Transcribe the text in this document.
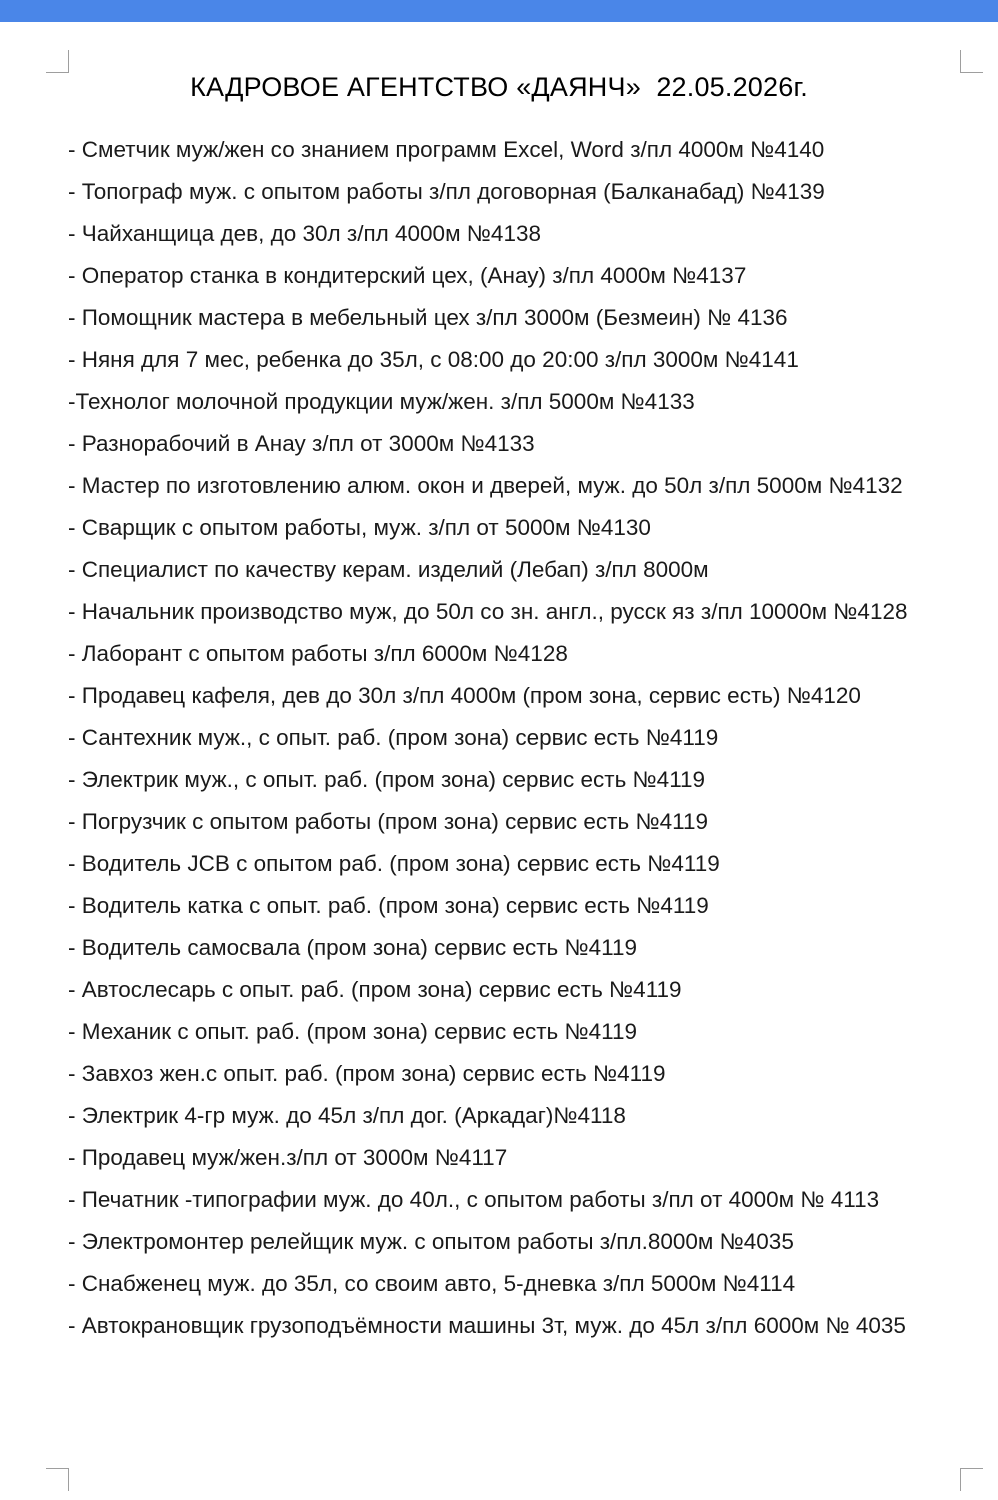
КАДРОВОЕ АГЕНТСТВО «ДАЯНЧ»  22.05.2026г.
- Сметчик муж/жен со знанием программ Excel, Word з/пл 4000м №4140
- Топограф муж. с опытом работы з/пл договорная (Балканабад) №4139
- Чайханщица дев, до 30л з/пл 4000м №4138
- Оператор станка в кондитерский цех, (Анау) з/пл 4000м №4137
- Помощник мастера в мебельный цех з/пл 3000м (Безмеин) № 4136
- Няня для 7 мес, ребенка до 35л, с 08:00 до 20:00 з/пл 3000м №4141
-Технолог молочной продукции муж/жен. з/пл 5000м №4133
- Разнорабочий в Анау з/пл от 3000м №4133
- Мастер по изготовлению алюм. окон и дверей, муж. до 50л з/пл 5000м №4132
- Сварщик с опытом работы, муж. з/пл от 5000м №4130
- Специалист по качеству керам. изделий (Лебап) з/пл 8000м
- Начальник производство муж, до 50л со зн. англ., русск яз з/пл 10000м №4128
- Лаборант с опытом работы з/пл 6000м №4128
- Продавец кафеля, дев до 30л з/пл 4000м (пром зона, сервис есть) №4120
- Сантехник муж., с опыт. раб. (пром зона) сервис есть №4119
- Электрик муж., с опыт. раб. (пром зона) сервис есть №4119
- Погрузчик с опытом работы (пром зона) сервис есть №4119
- Водитель JCB с опытом раб. (пром зона) сервис есть №4119
- Водитель катка с опыт. раб. (пром зона) сервис есть №4119
- Водитель самосвала (пром зона) сервис есть №4119
- Автослесарь с опыт. раб. (пром зона) сервис есть №4119
- Механик с опыт. раб. (пром зона) сервис есть №4119
- Завхоз жен.с опыт. раб. (пром зона) сервис есть №4119
- Электрик 4-гр муж. до 45л з/пл дог. (Аркадаг)№4118
- Продавец муж/жен.з/пл от 3000м №4117
- Печатник -типографии муж. до 40л., с опытом работы з/пл от 4000м № 4113
- Электромонтер релейщик муж. с опытом работы з/пл.8000м №4035
- Снабженец муж. до 35л, со своим авто, 5-дневка з/пл 5000м №4114
- Автокрановщик грузоподъёмности машины 3т, муж. до 45л з/пл 6000м № 4035
